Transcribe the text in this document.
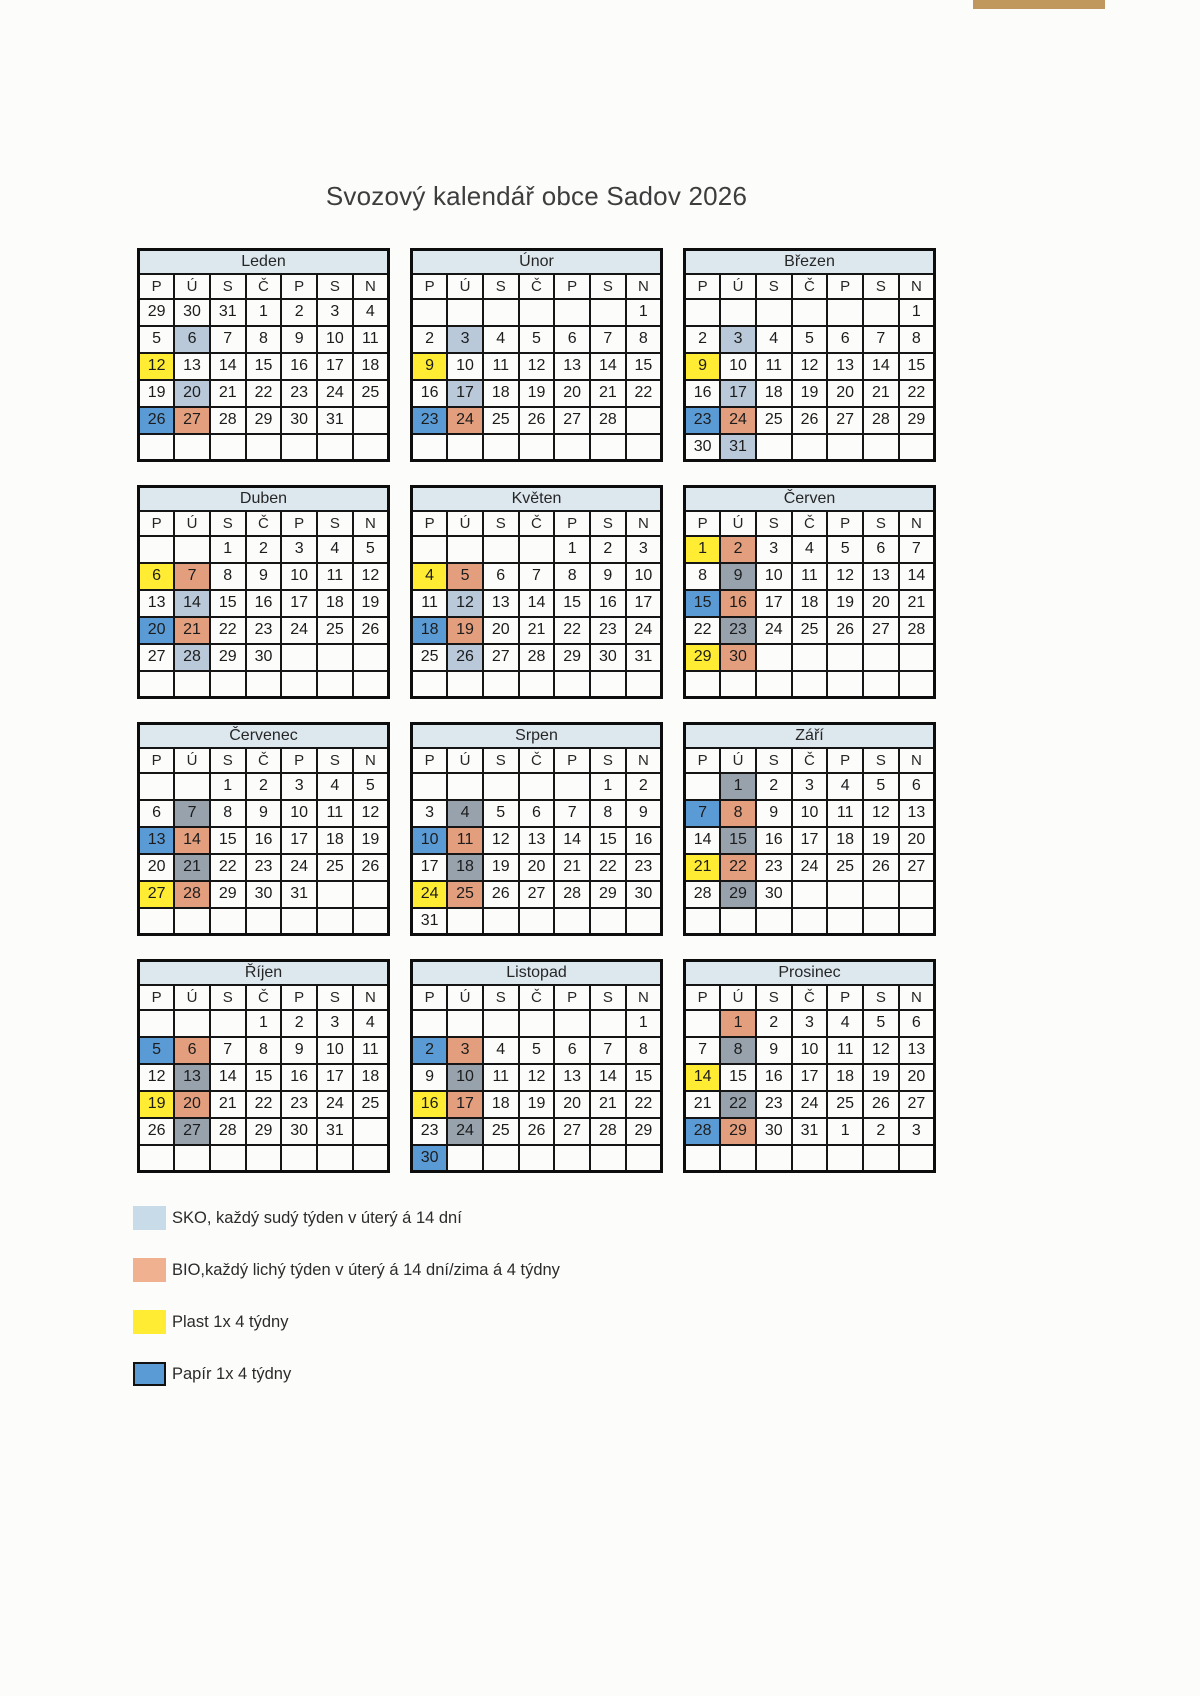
Svozový kalendář obce Sadov 2026
Leden						
P	Ú	S	Č	P	S	N
29	30	31	1	2	3	4
5	6	7	8	9	10	11
12	13	14	15	16	17	18
19	20	21	22	23	24	25
26	27	28	29	30	31	

Únor						
P	Ú	S	Č	P	S	N
						1
2	3	4	5	6	7	8
9	10	11	12	13	14	15
16	17	18	19	20	21	22
23	24	25	26	27	28	

Březen						
P	Ú	S	Č	P	S	N
						1
2	3	4	5	6	7	8
9	10	11	12	13	14	15
16	17	18	19	20	21	22
23	24	25	26	27	28	29
30	31					
Duben						
P	Ú	S	Č	P	S	N
		1	2	3	4	5
6	7	8	9	10	11	12
13	14	15	16	17	18	19
20	21	22	23	24	25	26
27	28	29	30			

Květen						
P	Ú	S	Č	P	S	N
				1	2	3
4	5	6	7	8	9	10
11	12	13	14	15	16	17
18	19	20	21	22	23	24
25	26	27	28	29	30	31

Červen						
P	Ú	S	Č	P	S	N
1	2	3	4	5	6	7
8	9	10	11	12	13	14
15	16	17	18	19	20	21
22	23	24	25	26	27	28
29	30					

Červenec						
P	Ú	S	Č	P	S	N
		1	2	3	4	5
6	7	8	9	10	11	12
13	14	15	16	17	18	19
20	21	22	23	24	25	26
27	28	29	30	31		

Srpen						
P	Ú	S	Č	P	S	N
					1	2
3	4	5	6	7	8	9
10	11	12	13	14	15	16
17	18	19	20	21	22	23
24	25	26	27	28	29	30
31						
Září						
P	Ú	S	Č	P	S	N
	1	2	3	4	5	6
7	8	9	10	11	12	13
14	15	16	17	18	19	20
21	22	23	24	25	26	27
28	29	30				

Říjen						
P	Ú	S	Č	P	S	N
			1	2	3	4
5	6	7	8	9	10	11
12	13	14	15	16	17	18
19	20	21	22	23	24	25
26	27	28	29	30	31	

Listopad						
P	Ú	S	Č	P	S	N
						1
2	3	4	5	6	7	8
9	10	11	12	13	14	15
16	17	18	19	20	21	22
23	24	25	26	27	28	29
30						
Prosinec						
P	Ú	S	Č	P	S	N
	1	2	3	4	5	6
7	8	9	10	11	12	13
14	15	16	17	18	19	20
21	22	23	24	25	26	27
28	29	30	31	1	2	3

SKO, každý sudý týden v úterý á 14 dní
BIO,každý lichý týden v úterý á 14 dní/zima á 4 týdny
Plast 1x 4 týdny
Papír 1x 4 týdny
